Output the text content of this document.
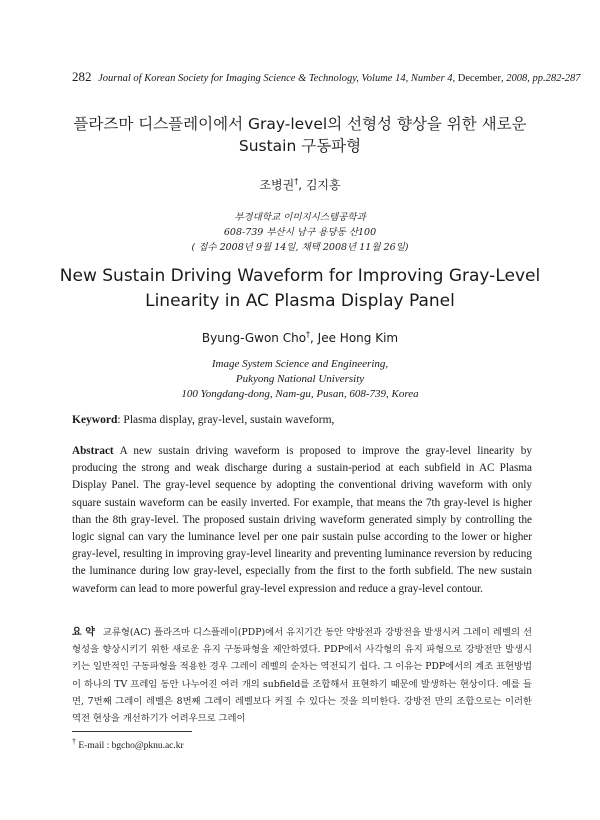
282 Journal of Korean Society for Imaging Science & Technology, Volume 14, Number 4, December, 2008, pp.282-287
플라즈마 디스플레이에서 Gray-level의 선형성 향상을 위한 새로운
Sustain 구동파형
조병권†, 김지홍
부경대학교 이미지시스템공학과
608-739 부산시 남구 용당동 산100
( 접수 2008년 9월 14일, 채택 2008년 11월 26일)
New Sustain Driving Waveform for Improving Gray-Level
Linearity in AC Plasma Display Panel
Byung-Gwon Cho†, Jee Hong Kim
Image System Science and Engineering,
Pukyong National University
100 Yongdang-dong, Nam-gu, Pusan, 608-739, Korea
Keyword: Plasma display, gray-level, sustain waveform,
Abstract A new sustain driving waveform is proposed to improve the gray-level linearity by producing the strong and weak discharge during a sustain-period at each subfield in AC Plasma Display Panel. The gray-level sequence by adopting the conventional driving waveform with only square sustain waveform can be easily inverted. For example, that means the 7th gray-level is higher than the 8th gray-level. The proposed sustain driving waveform generated simply by controlling the logic signal can vary the luminance level per one pair sustain pulse according to the lower or higher gray-level, resulting in improving gray-level linearity and preventing luminance reversion by reducing the luminance during low gray-level, especially from the first to the forth subfield. The new sustain waveform can lead to more powerful gray-level expression and reduce a gray-level contour.
요 약 교류형(AC) 플라즈마 디스플레이(PDP)에서 유지기간 동안 약방전과 강방전을 발생시켜 그레이 레벨의 선형성을 향상시키기 위한 새로운 유지 구동파형을 제안하였다. PDP에서 사각형의 유지 파형으로 강방전만 발생시키는 일반적인 구동파형을 적용한 경우 그레이 레벨의 순차는 역전되기 쉽다. 그 이유는 PDP에서의 계조 표현방법이 하나의 TV 프레임 동안 나누어진 여러 개의 subfield를 조합해서 표현하기 때문에 발생하는 현상이다. 예를 들면, 7번째 그레이 레벨은 8번째 그레이 레벨보다 커질 수 있다는 것을 의미한다. 강방전 만의 조합으로는 이러한 역전 현상을 개선하기가 어려우므로 그레이
† E-mail : bgcho@pknu.ac.kr
